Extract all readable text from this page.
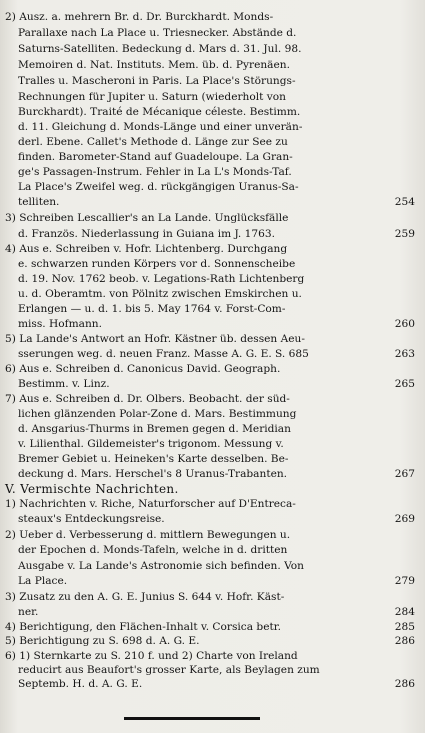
2) Ausz. a. mehrern Br. d. Dr. Burckhardt. Monds-
Parallaxe nach La Place u. Triesnecker. Abstände d.
Saturns-Satelliten. Bedeckung d. Mars d. 31. Jul. 98.
Memoiren d. Nat. Instituts. Mem. üb. d. Pyrenäen.
Tralles u. Mascheroni in Paris. La Place's Störungs-
Rechnungen für Jupiter u. Saturn (wiederholt von
Burckhardt). Traité de Mécanique céleste. Bestimm.
d. 11. Gleichung d. Monds-Länge und einer unverän-
derl. Ebene. Callet's Methode d. Länge zur See zu
finden. Barometer-Stand auf Guadeloupe. La Gran-
ge's Passagen-Instrum. Fehler in La L's Monds-Taf.
La Place's Zweifel weg. d. rückgängigen Uranus-Sa-
telliten.	254
3) Schreiben Lescallier's an La Lande. Unglücksfälle
d. Französ. Niederlassung in Guiana im J. 1763.	259
4) Aus e. Schreiben v. Hofr. Lichtenberg. Durchgang
e. schwarzen runden Körpers vor d. Sonnenscheibe
d. 19. Nov. 1762 beob. v. Legations-Rath Lichtenberg
u. d. Oberamtm. von Pölnitz zwischen Emskirchen u.
Erlangen — u. d. 1. bis 5. May 1764 v. Forst-Com-
miss. Hofmann.	260
5) La Lande's Antwort an Hofr. Kästner üb. dessen Aeu-
sserungen weg. d. neuen Franz. Masse A. G. E. S. 685	263
6) Aus e. Schreiben d. Canonicus David. Geograph.
Bestimm. v. Linz.	265
7) Aus e. Schreiben d. Dr. Olbers. Beobacht. der süd-
lichen glänzenden Polar-Zone d. Mars. Bestimmung
d. Ansgarius-Thurms in Bremen gegen d. Meridian
v. Lilienthal. Gildemeister's trigonom. Messung v.
Bremer Gebiet u. Heineken's Karte desselben. Be-
deckung d. Mars. Herschel's 8 Uranus-Trabanten.	267
V. Vermischte Nachrichten.
1) Nachrichten v. Riche, Naturforscher auf D'Entreca-
steaux's Entdeckungsreise.	269
2) Ueber d. Verbesserung d. mittlern Bewegungen u.
der Epochen d. Monds-Tafeln, welche in d. dritten
Ausgabe v. La Lande's Astronomie sich befinden. Von
La Place.	279
3) Zusatz zu den A. G. E. Junius S. 644 v. Hofr. Käst-
ner.	284
4) Berichtigung, den Flächen-Inhalt v. Corsica betr.	285
5) Berichtigung zu S. 698 d. A. G. E.	286
6) 1) Sternkarte zu S. 210 f. und 2) Charte von Ireland
reducirt aus Beaufort's grosser Karte, als Beylagen zum
Septemb. H. d. A. G. E.	286
